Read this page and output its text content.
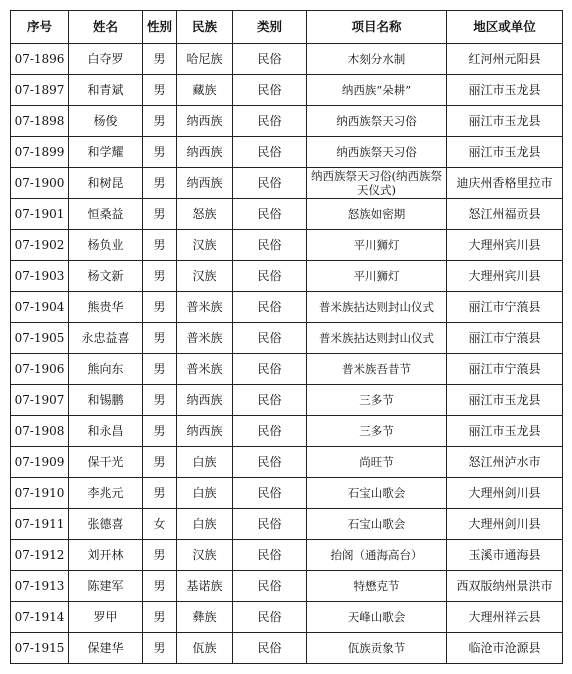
序号	姓名	性别	民族	类别	项目名称	地区或单位
07-1896	白夺罗	男	哈尼族	民俗	木刻分水制	红河州元阳县
07-1897	和青斌	男	藏族	民俗	纳西族“朵耕”	丽江市玉龙县
07-1898	杨俊	男	纳西族	民俗	纳西族祭天习俗	丽江市玉龙县
07-1899	和学耀	男	纳西族	民俗	纳西族祭天习俗	丽江市玉龙县
07-1900	和树昆	男	纳西族	民俗	纳西族祭天习俗(纳西族祭天仪式)	迪庆州香格里拉市
07-1901	恒桑益	男	怒族	民俗	怒族如密期	怒江州福贡县
07-1902	杨负业	男	汉族	民俗	平川狮灯	大理州宾川县
07-1903	杨文新	男	汉族	民俗	平川狮灯	大理州宾川县
07-1904	熊贵华	男	普米族	民俗	普米族拈达则封山仪式	丽江市宁蒗县
07-1905	永忠益喜	男	普米族	民俗	普米族拈达则封山仪式	丽江市宁蒗县
07-1906	熊向东	男	普米族	民俗	普米族吾昔节	丽江市宁蒗县
07-1907	和锡鹏	男	纳西族	民俗	三多节	丽江市玉龙县
07-1908	和永昌	男	纳西族	民俗	三多节	丽江市玉龙县
07-1909	保干光	男	白族	民俗	尚旺节	怒江州泸水市
07-1910	李兆元	男	白族	民俗	石宝山歌会	大理州剑川县
07-1911	张德喜	女	白族	民俗	石宝山歌会	大理州剑川县
07-1912	刘开林	男	汉族	民俗	抬阁（通海高台）	玉溪市通海县
07-1913	陈建军	男	基诺族	民俗	特懋克节	西双版纳州景洪市
07-1914	罗甲	男	彝族	民俗	天峰山歌会	大理州祥云县
07-1915	保建华	男	佤族	民俗	佤族贡象节	临沧市沧源县
